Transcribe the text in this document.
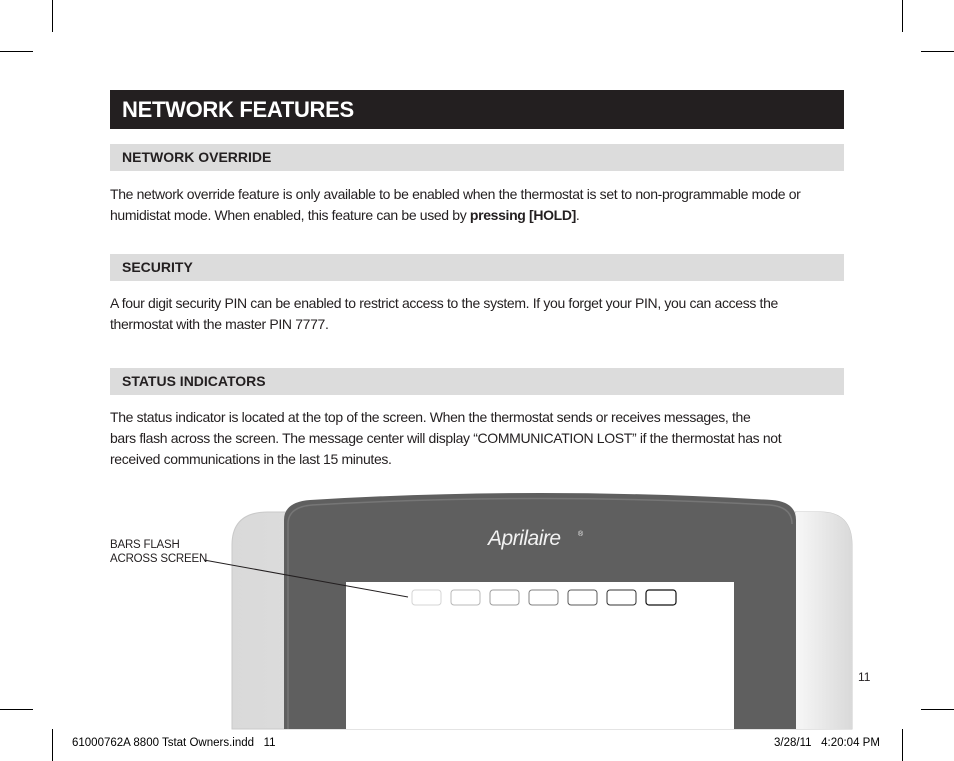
NETWORK FEATURES
NETWORK OVERRIDE
The network override feature is only available to be enabled when the thermostat is set to non-programmable mode or humidistat mode. When enabled, this feature can be used by pressing [HOLD].
SECURITY
A four digit security PIN can be enabled to restrict access to the system. If you forget your PIN, you can access the thermostat with the master PIN 7777.
STATUS INDICATORS
The status indicator is located at the top of the screen. When the thermostat sends or receives messages, the
bars flash across the screen. The message center will display “COMMUNICATION LOST” if the thermostat has not
received communications in the last 15 minutes.
Aprilaire ®
BARS FLASH
ACROSS SCREEN
11
61000762A 8800 Tstat Owners.indd   11	3/28/11   4:20:04 PM
